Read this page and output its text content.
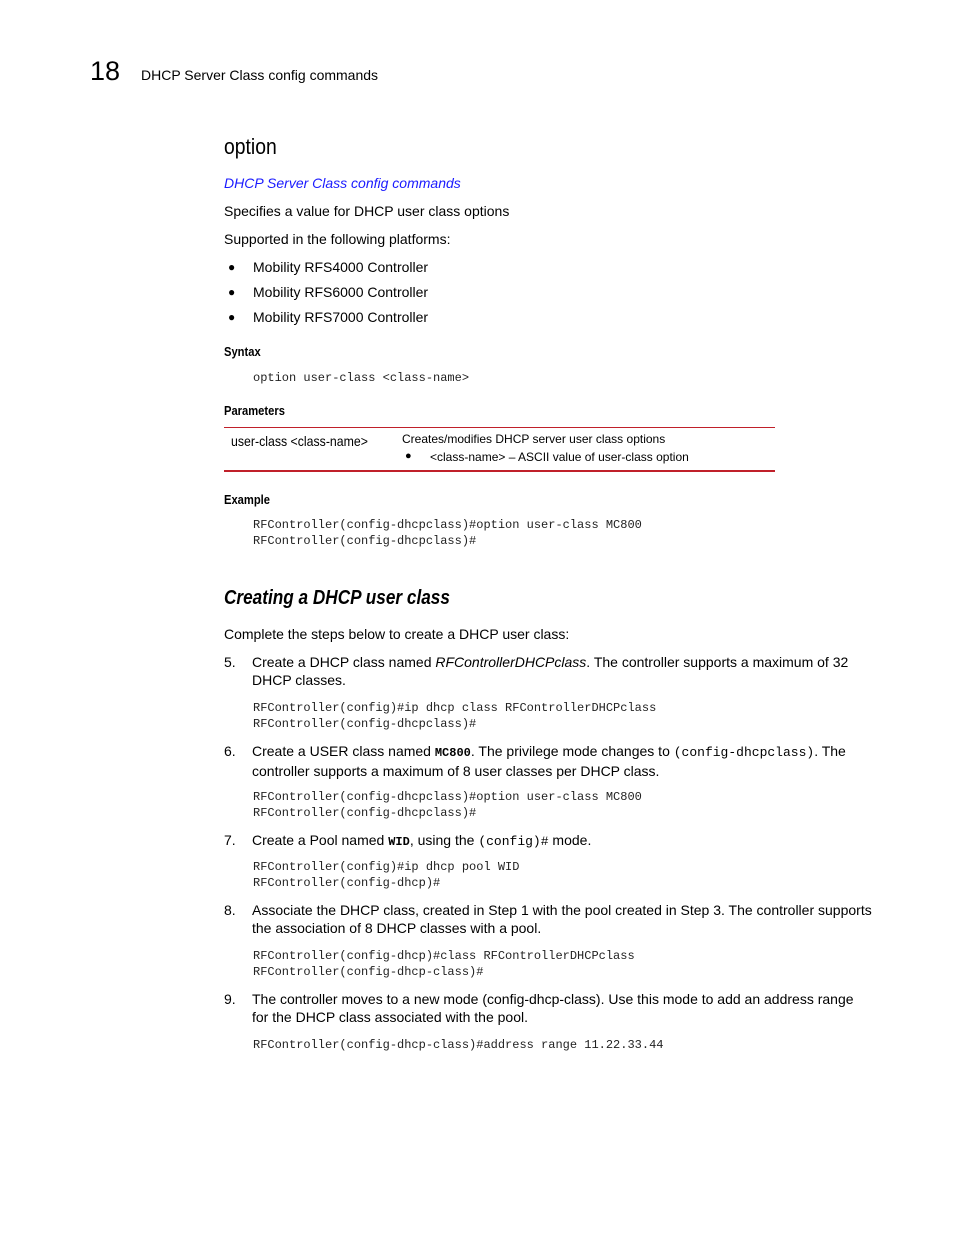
18 DHCP Server Class config commands
option
DHCP Server Class config commands
Specifies a value for DHCP user class options
Supported in the following platforms:
● Mobility RFS4000 Controller
● Mobility RFS6000 Controller
● Mobility RFS7000 Controller
Syntax
option user-class <class-name>
Parameters
user-class <class-name>	Creates/modifies DHCP server user class options
● <class-name> – ASCII value of user-class option
Example
RFController(config-dhcpclass)#option user-class MC800
RFController(config-dhcpclass)#
Creating a DHCP user class
Complete the steps below to create a DHCP user class:
5. Create a DHCP class named RFControllerDHCPclass. The controller supports a maximum of 32 DHCP classes.
RFController(config)#ip dhcp class RFControllerDHCPclass
RFController(config-dhcpclass)#
6. Create a USER class named MC800. The privilege mode changes to (config-dhcpclass). The controller supports a maximum of 8 user classes per DHCP class.
RFController(config-dhcpclass)#option user-class MC800
RFController(config-dhcpclass)#
7. Create a Pool named WID, using the (config)# mode.
RFController(config)#ip dhcp pool WID
RFController(config-dhcp)#
8. Associate the DHCP class, created in Step 1 with the pool created in Step 3. The controller supports the association of 8 DHCP classes with a pool.
RFController(config-dhcp)#class RFControllerDHCPclass
RFController(config-dhcp-class)#
9. The controller moves to a new mode (config-dhcp-class). Use this mode to add an address range for the DHCP class associated with the pool.
RFController(config-dhcp-class)#address range 11.22.33.44
